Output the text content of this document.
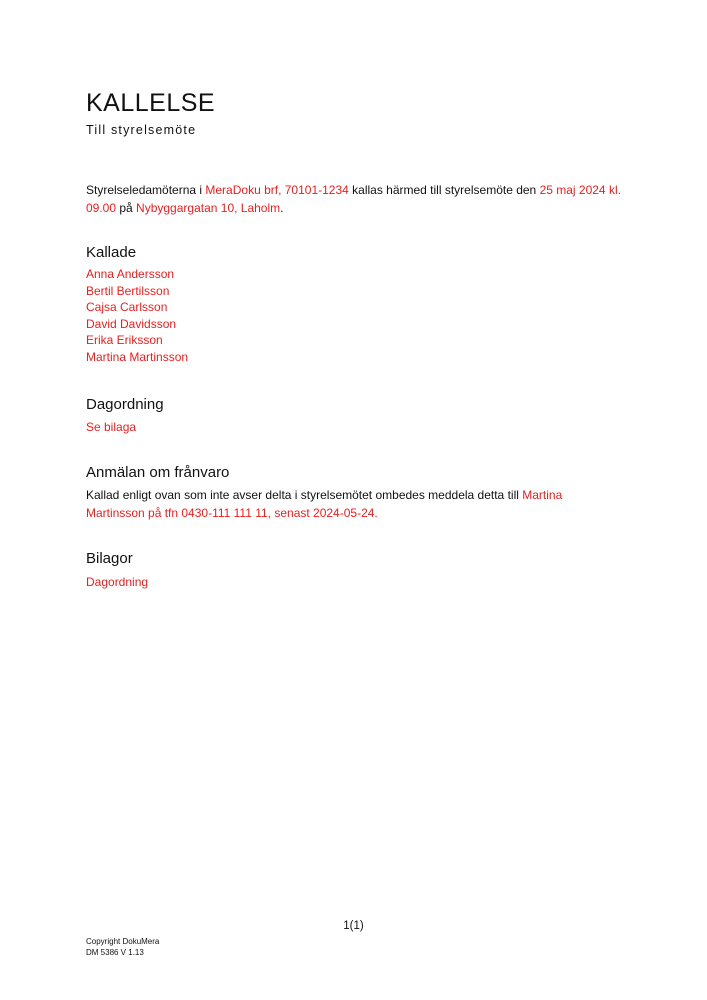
KALLELSE

Till styrelsemöte

Styrelseledamöterna i MeraDoku brf, 70101-1234 kallas härmed till styrelsemöte den 25 maj 2024 kl. 09.00 på Nybyggargatan 10, Laholm.

Kallade
Anna Andersson
Bertil Bertilsson
Cajsa Carlsson
David Davidsson
Erika Eriksson
Martina Martinsson
Dagordning

Se bilaga

Anmälan om frånvaro

Kallad enligt ovan som inte avser delta i styrelsemötet ombedes meddela detta till Martina Martinsson på tfn 0430-111 111 11, senast 2024-05-24.

Bilagor

Dagordning

1(1)

Copyright DokuMera
DM 5386 V 1.13
